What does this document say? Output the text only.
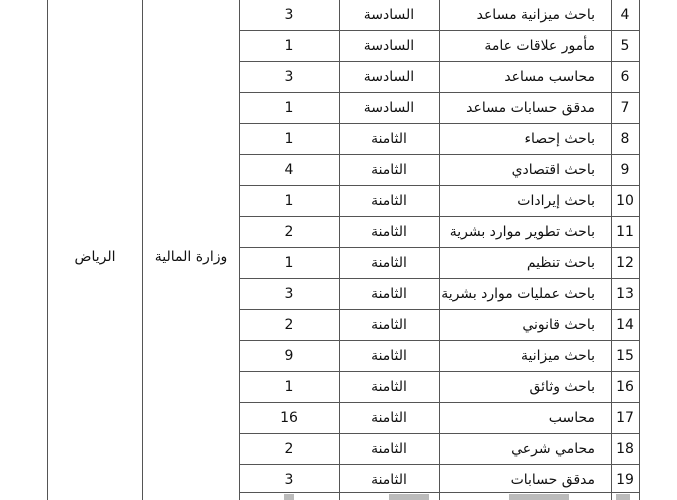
وزارة المالية
الرياض
4
باحث ميزانية مساعد
السادسة
3
5
مأمور علاقات عامة
السادسة
1
6
محاسب مساعد
السادسة
3
7
مدقق حسابات مساعد
السادسة
1
8
باحث إحصاء
الثامنة
1
9
باحث اقتصادي
الثامنة
4
10
باحث إيرادات
الثامنة
1
11
باحث تطوير موارد بشرية
الثامنة
2
12
باحث تنظيم
الثامنة
1
13
باحث عمليات موارد بشرية
الثامنة
3
14
باحث قانوني
الثامنة
2
15
باحث ميزانية
الثامنة
9
16
باحث وثائق
الثامنة
1
17
محاسب
الثامنة
16
18
محامي شرعي
الثامنة
2
19
مدقق حسابات
الثامنة
3
